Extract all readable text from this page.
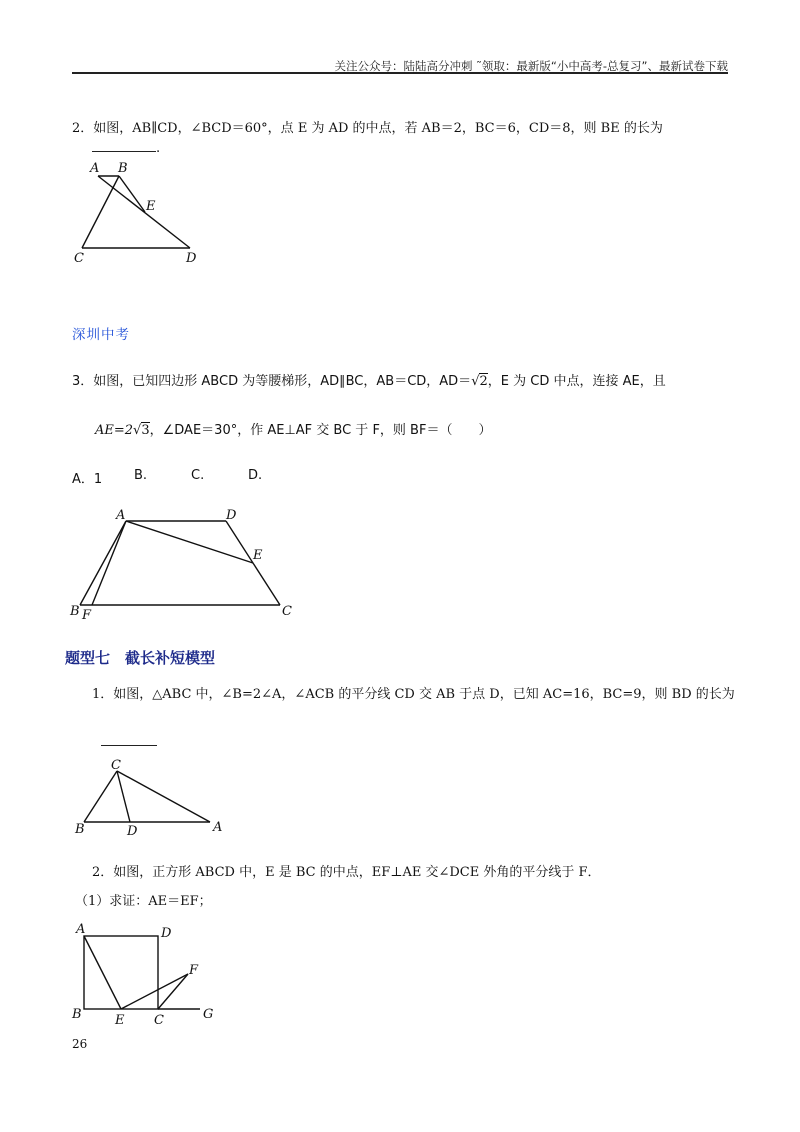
关注公众号：陆陆高分冲刺 ˜领取：最新版“小中高考-总复习”、最新试卷下载
2．如图，AB∥CD，∠BCD＝60°，点 E 为 AD 的中点，若 AB＝2，BC＝6，CD＝8，则 BE 的长为
.
A B
E
C	D
深圳中考
3．如图，已知四边形 ABCD 为等腰梯形，AD∥BC，AB＝CD，AD＝√2，E 为 CD 中点，连接 AE，且
AE=2√3，∠DAE＝30°，作 AE⊥AF 交 BC 于 F，则 BF＝（　　）
A．1 B.	C.	D.
A	D
E
B F	C
题型七　截长补短模型
1．如图，△ABC 中，∠B=2∠A，∠ACB 的平分线 CD 交 AB 于点 D，已知 AC=16，BC=9，则 BD 的长为
C
B	D	A
2．如图，正方形 ABCD 中，E 是 BC 的中点，EF⊥AE 交∠DCE 外角的平分线于 F．
（1）求证：AE＝EF；
A	D
F
B	E C	G
26
